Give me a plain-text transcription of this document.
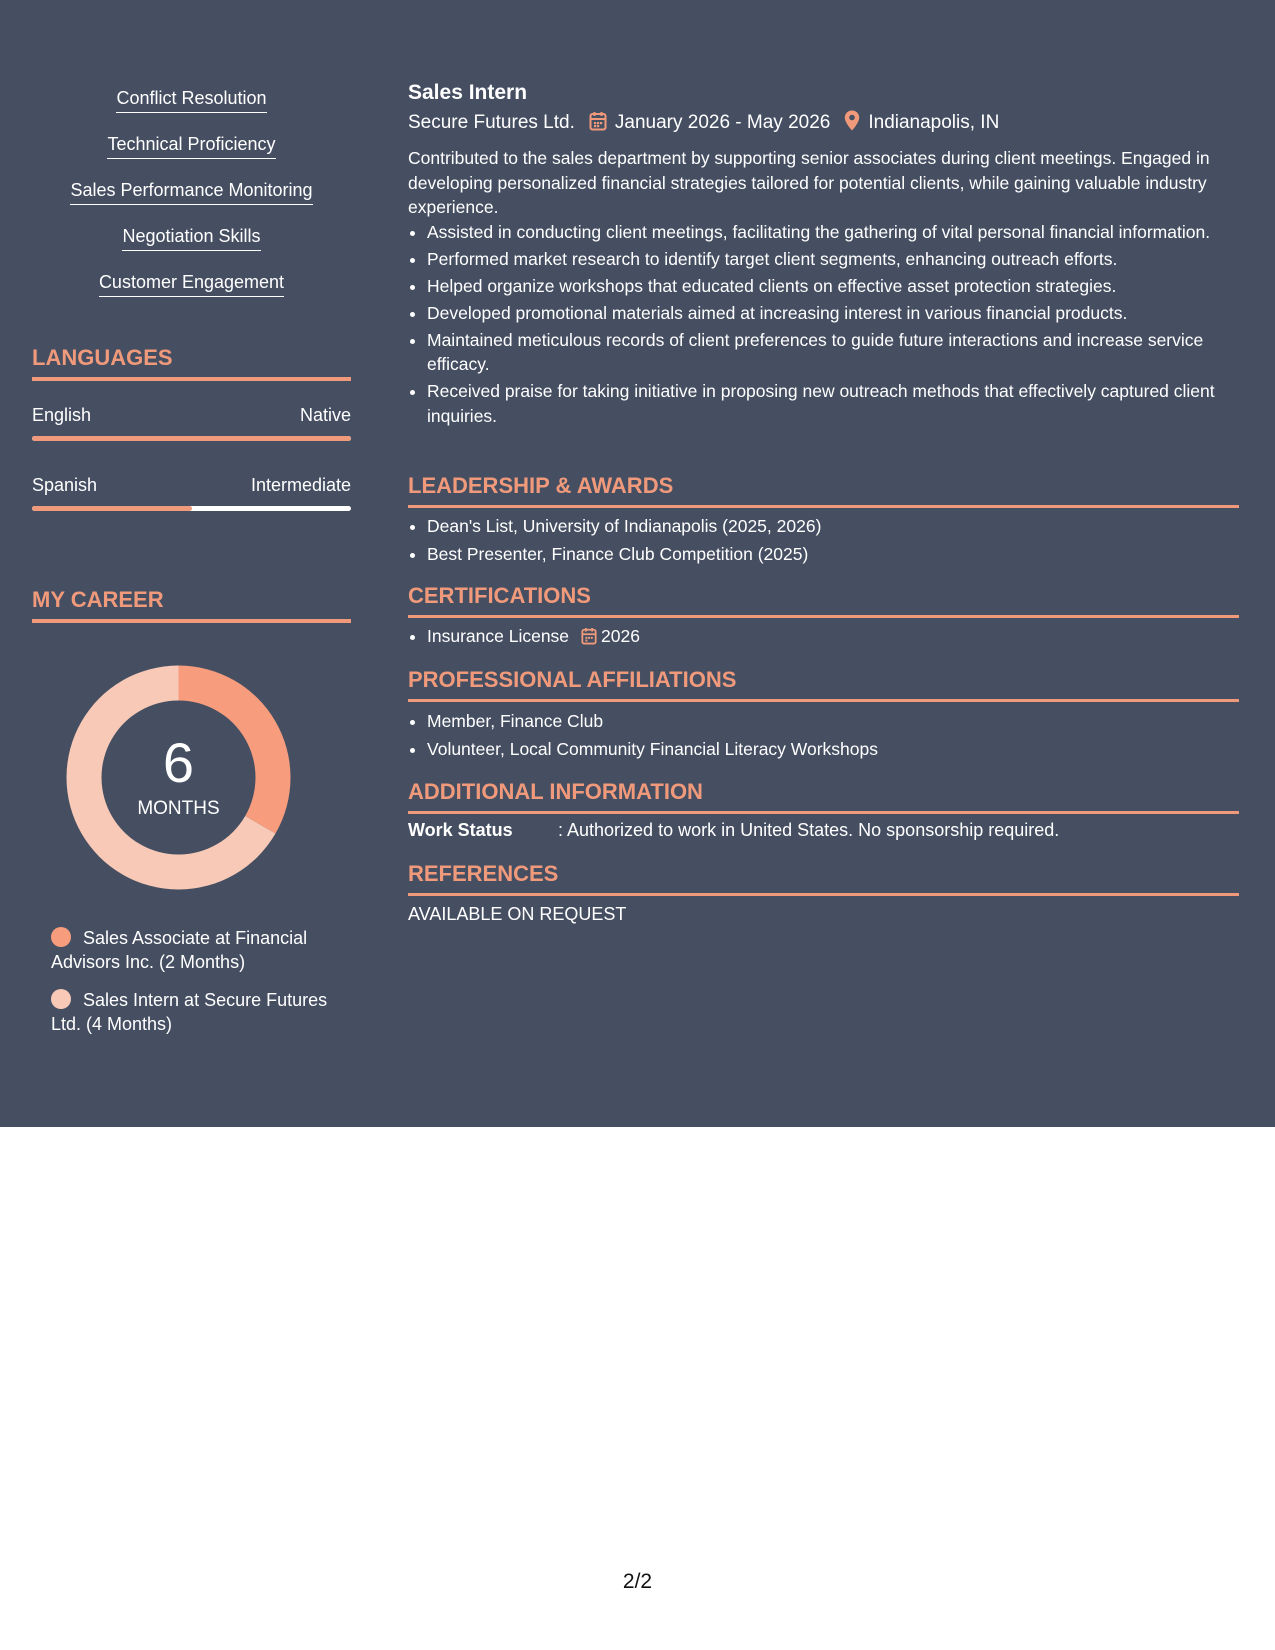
Conflict Resolution
Technical Proficiency
Sales Performance Monitoring
Negotiation Skills
Customer Engagement
LANGUAGES
English	Native
Spanish	Intermediate
MY CAREER
6
MONTHS
Sales Associate at Financial Advisors Inc. (2 Months)
Sales Intern at Secure Futures Ltd. (4 Months)
Sales Intern
Secure Futures Ltd. January 2026 - May 2026 Indianapolis, IN
Contributed to the sales department by supporting senior associates during client meetings. Engaged in developing personalized financial strategies tailored for potential clients, while gaining valuable industry experience.
• Assisted in conducting client meetings, facilitating the gathering of vital personal financial information.
• Performed market research to identify target client segments, enhancing outreach efforts.
• Helped organize workshops that educated clients on effective asset protection strategies.
• Developed promotional materials aimed at increasing interest in various financial products.
• Maintained meticulous records of client preferences to guide future interactions and increase service efficacy.
• Received praise for taking initiative in proposing new outreach methods that effectively captured client inquiries.
LEADERSHIP & AWARDS
• Dean's List, University of Indianapolis (2025, 2026)
• Best Presenter, Finance Club Competition (2025)
CERTIFICATIONS
• Insurance License 2026
PROFESSIONAL AFFILIATIONS
• Member, Finance Club
• Volunteer, Local Community Financial Literacy Workshops
ADDITIONAL INFORMATION
Work Status	: Authorized to work in United States. No sponsorship required.
REFERENCES
AVAILABLE ON REQUEST
2/2
